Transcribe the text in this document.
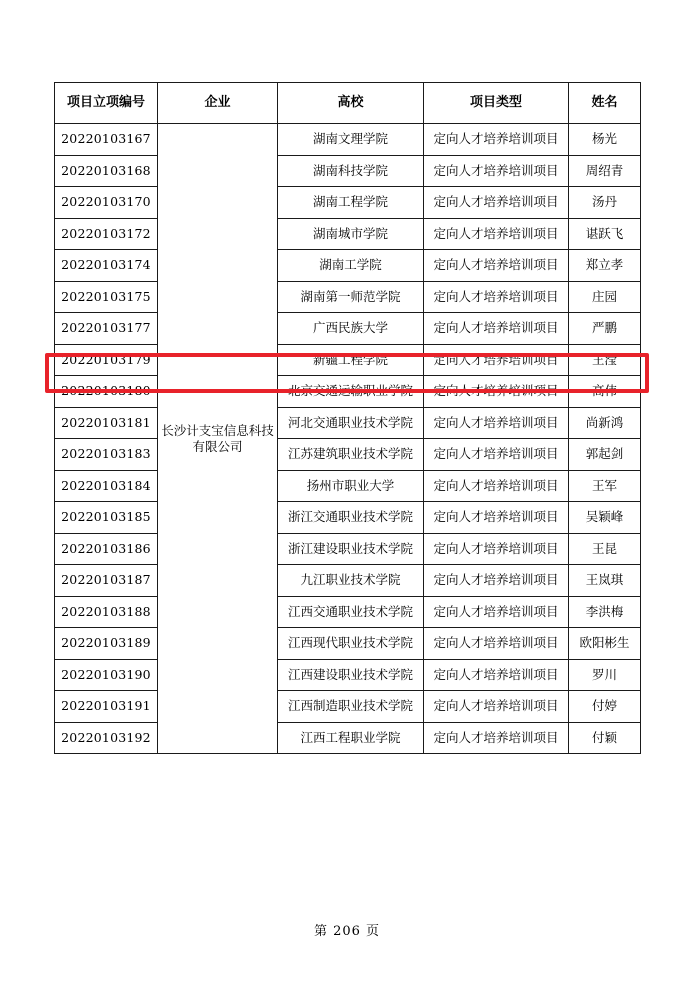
项目立项编号	企业	高校	项目类型	姓名
20220103167	长沙计支宝信息科技有限公司	湖南文理学院	定向人才培养培训项目	杨光
20220103168		湖南科技学院	定向人才培养培训项目	周绍青
20220103170		湖南工程学院	定向人才培养培训项目	汤丹
20220103172		湖南城市学院	定向人才培养培训项目	谌跃飞
20220103174		湖南工学院	定向人才培养培训项目	郑立孝
20220103175		湖南第一师范学院	定向人才培养培训项目	庄园
20220103177		广西民族大学	定向人才培养培训项目	严鹏
20220103179		新疆工程学院	定向人才培养培训项目	王滢
20220103180		北京交通运输职业学院	定向人才培养培训项目	高伟
20220103181		河北交通职业技术学院	定向人才培养培训项目	尚新鸿
20220103183		江苏建筑职业技术学院	定向人才培养培训项目	郭起剑
20220103184		扬州市职业大学	定向人才培养培训项目	王军
20220103185		浙江交通职业技术学院	定向人才培养培训项目	吴颖峰
20220103186		浙江建设职业技术学院	定向人才培养培训项目	王昆
20220103187		九江职业技术学院	定向人才培养培训项目	王岚琪
20220103188		江西交通职业技术学院	定向人才培养培训项目	李洪梅
20220103189		江西现代职业技术学院	定向人才培养培训项目	欧阳彬生
20220103190		江西建设职业技术学院	定向人才培养培训项目	罗川
20220103191		江西制造职业技术学院	定向人才培养培训项目	付婷
20220103192		江西工程职业学院	定向人才培养培训项目	付颖
第 206 页
